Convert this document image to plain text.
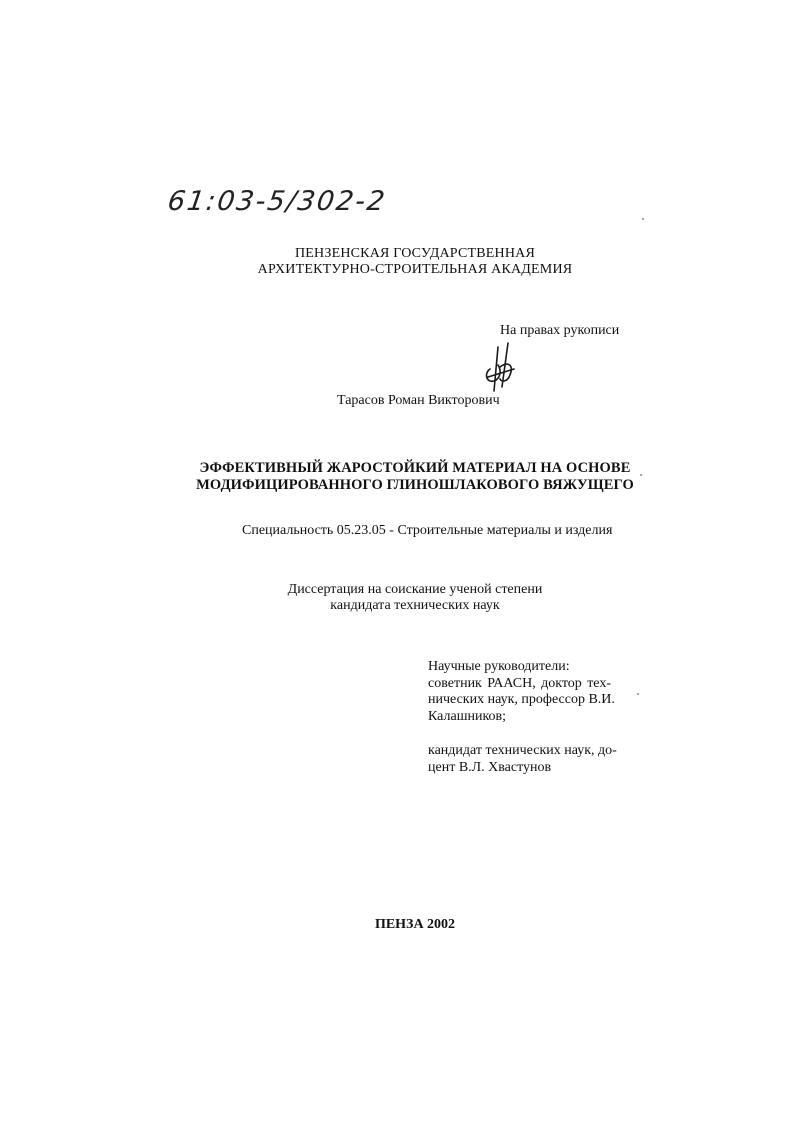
61:03-5/302-2
ПЕНЗЕНСКАЯ ГОСУДАРСТВЕННАЯ
АРХИТЕКТУРНО-СТРОИТЕЛЬНАЯ АКАДЕМИЯ
На правах рукописи
Тарасов Роман Викторович
ЭФФЕКТИВНЫЙ ЖАРОСТОЙКИЙ МАТЕРИАЛ НА ОСНОВЕ
МОДИФИЦИРОВАННОГО ГЛИНОШЛАКОВОГО ВЯЖУЩЕГО
Специальность 05.23.05 - Строительные материалы и изделия
Диссертация на соискание ученой степени
кандидата технических наук
Научные руководители:
советник РААСН, доктор тех-
нических наук, профессор В.И.
Калашников;
кандидат технических наук, до-
цент В.Л. Хвастунов
ПЕНЗА 2002
